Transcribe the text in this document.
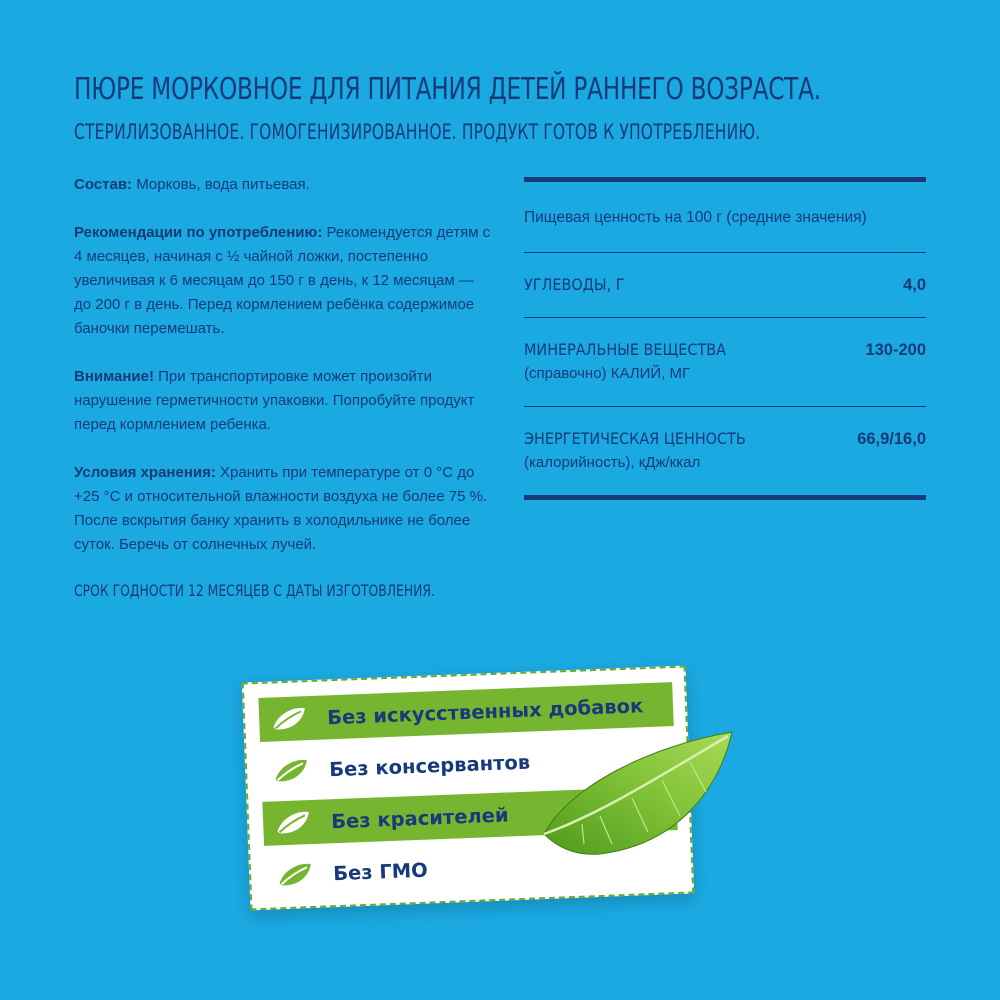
ПЮРЕ МОРКОВНОЕ ДЛЯ ПИТАНИЯ ДЕТЕЙ РАННЕГО ВОЗРАСТА.
СТЕРИЛИЗОВАННОЕ. ГОМОГЕНИЗИРОВАННОЕ. ПРОДУКТ ГОТОВ К УПОТРЕБЛЕНИЮ.

Состав: Морковь, вода питьевая.

Рекомендации по употреблению: Рекомендуется детям с 4 месяцев, начиная с ½ чайной ложки, постепенно увеличивая к 6 месяцам до 150 г в день, к 12 месяцам — до 200 г в день. Перед кормлением ребёнка содержимое баночки перемешать.

Внимание! При транспортировке может произойти нарушение герметичности упаковки. Попробуйте продукт перед кормлением ребенка.

Условия хранения: Хранить при температуре от 0 °С до +25 °С и относительной влажности воздуха не более 75 %. После вскрытия банку хранить в холодильнике не более суток. Беречь от солнечных лучей.

СРОК ГОДНОСТИ 12 МЕСЯЦЕВ С ДАТЫ ИЗГОТОВЛЕНИЯ.
Пищевая ценность на 100 г (средние значения)
УГЛЕВОДЫ, Г	4,0
МИНЕРАЛЬНЫЕ ВЕЩЕСТВА
(справочно) КАЛИЙ, МГ
130-200
ЭНЕРГЕТИЧЕСКАЯ ЦЕННОСТЬ
(калорийность), кДж/ккал
66,9/16,0
Без искусственных добавок
Без консервантов
Без красителей
Без ГМО
